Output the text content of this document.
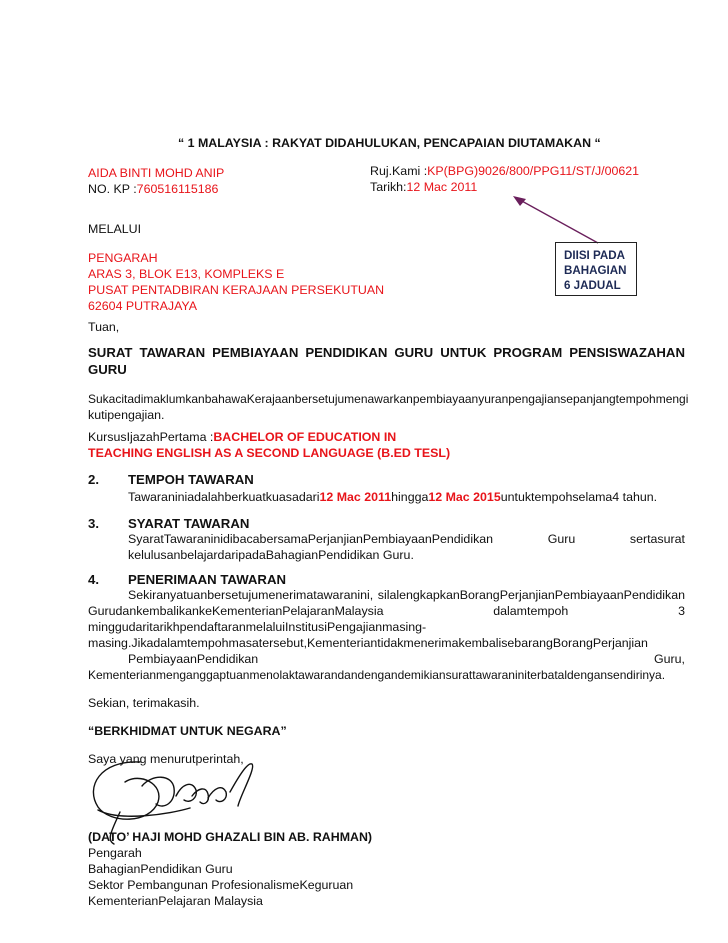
“ 1 MALAYSIA : RAKYAT DIDAHULUKAN, PENCAPAIAN DIUTAMAKAN “
AIDA BINTI MOHD ANIP
NO. KP :760516115186
Ruj.Kami :KP(BPG)9026/800/PPG11/ST/J/00621
Tarikh:12 Mac 2011
MELALUI
PENGARAH
ARAS 3, BLOK E13, KOMPLEKS E
PUSAT PENTADBIRAN KERAJAAN PERSEKUTUAN
62604 PUTRAJAYA
DIISI PADA
BAHAGIAN
6 JADUAL
Tuan,
SURAT TAWARAN PEMBIAYAAN PENDIDIKAN GURU UNTUK PROGRAM PENSISWAZAHAN
GURU
SukacitadimaklumkanbahawaKerajaanbersetujumenawarkanpembiayaanyuranpengajiansepanjangtempohmengi
kutipengajian.
KursusIjazahPertama :BACHELOR OF EDUCATION IN
TEACHING ENGLISH AS A SECOND LANGUAGE (B.ED TESL)
2. TEMPOH TAWARAN
Tawaraniniadalahberkuatkuasadari12 Mac 2011hingga12 Mac 2015untuktempohselama4 tahun.
3. SYARAT TAWARAN
SyaratTawaraninidibacabersamaPerjanjianPembiayaanPendidikan	Guru	sertasurat
kelulusanbelajardaripadaBahagianPendidikan Guru.
4. PENERIMAAN TAWARAN
Sekiranyatuanbersetujumenerimatawaranini, silalengkapkanBorangPerjanjianPembiayaanPendidikan
GurudankembalikankeKementerianPelajaranMalaysia	dalamtempoh	3
minggudaritarikhpendaftaranmelaluiInstitusiPengajianmasing-
masing.Jikadalamtempohmasatersebut,KementeriantidakmenerimakembalisebarangBorangPerjanjian
PembiayaanPendidikan	Guru,
Kementerianmenganggaptuanmenolaktawarandandengandemikiansurattawaraniniterbataldengansendirinya.
Sekian, terimakasih.
“BERKHIDMAT UNTUK NEGARA”
Saya yang menurutperintah,
(DATO’ HAJI MOHD GHAZALI BIN AB. RAHMAN)
Pengarah
BahagianPendidikan Guru
Sektor Pembangunan ProfesionalismeKeguruan
KementerianPelajaran Malaysia
